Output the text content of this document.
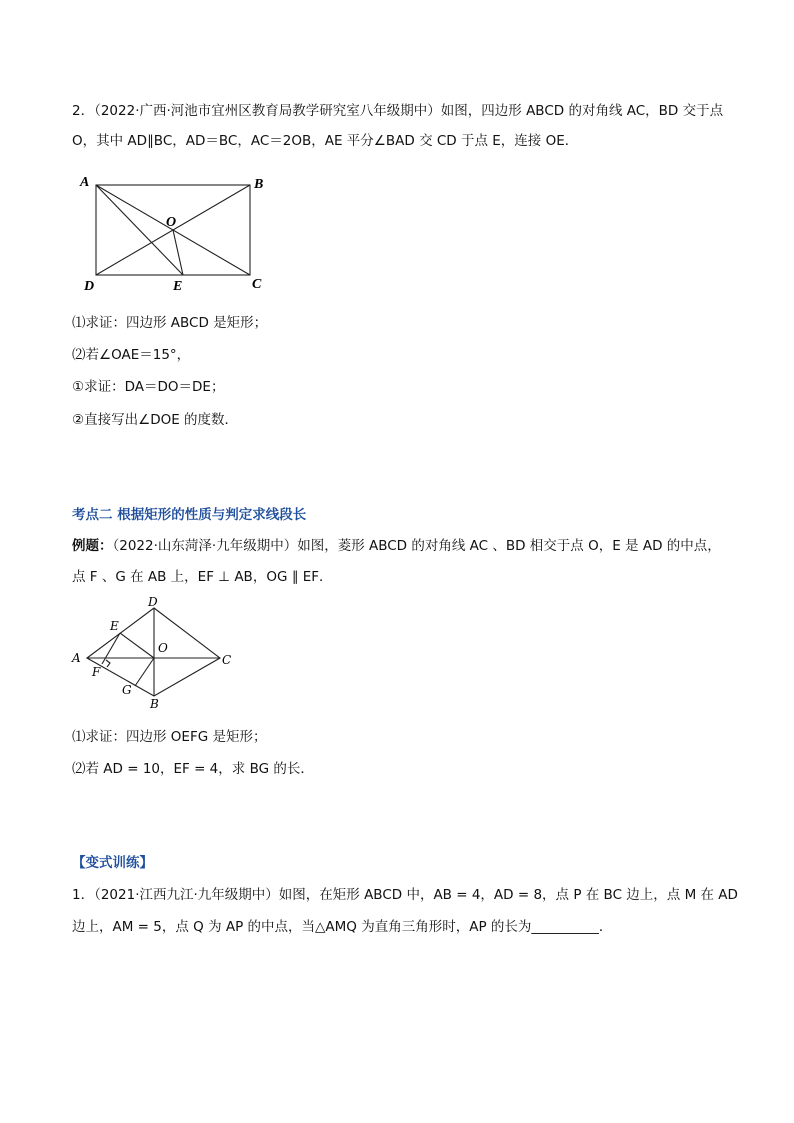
2．（2022·广西·河池市宜州区教育局教学研究室八年级期中）如图，四边形 ABCD 的对角线 AC，BD 交于点
O，其中 AD∥BC，AD＝BC，AC＝2OB，AE 平分∠BAD 交 CD 于点 E，连接 OE．
A	B
O
D	E	C
⑴求证：四边形 ABCD 是矩形；
⑵若∠OAE＝15°，
①求证：DA＝DO＝DE；
②直接写出∠DOE 的度数．
考点二 根据矩形的性质与判定求线段长
例题：（2022·山东菏泽·九年级期中）如图，菱形 ABCD 的对角线 AC 、BD 相交于点 O，E 是 AD 的中点，
点 F 、G 在 AB 上，EF ⊥ AB，OG ∥ EF．
D
E
O
A	C
F
G
B
⑴求证：四边形 OEFG 是矩形；
⑵若 AD = 10，EF = 4，求 BG 的长．
【变式训练】
1．（2021·江西九江·九年级期中）如图，在矩形 ABCD 中，AB = 4，AD = 8，点 P 在 BC 边上，点 M 在 AD
边上，AM = 5，点 Q 为 AP 的中点，当△AMQ 为直角三角形时，AP 的长为__________．
